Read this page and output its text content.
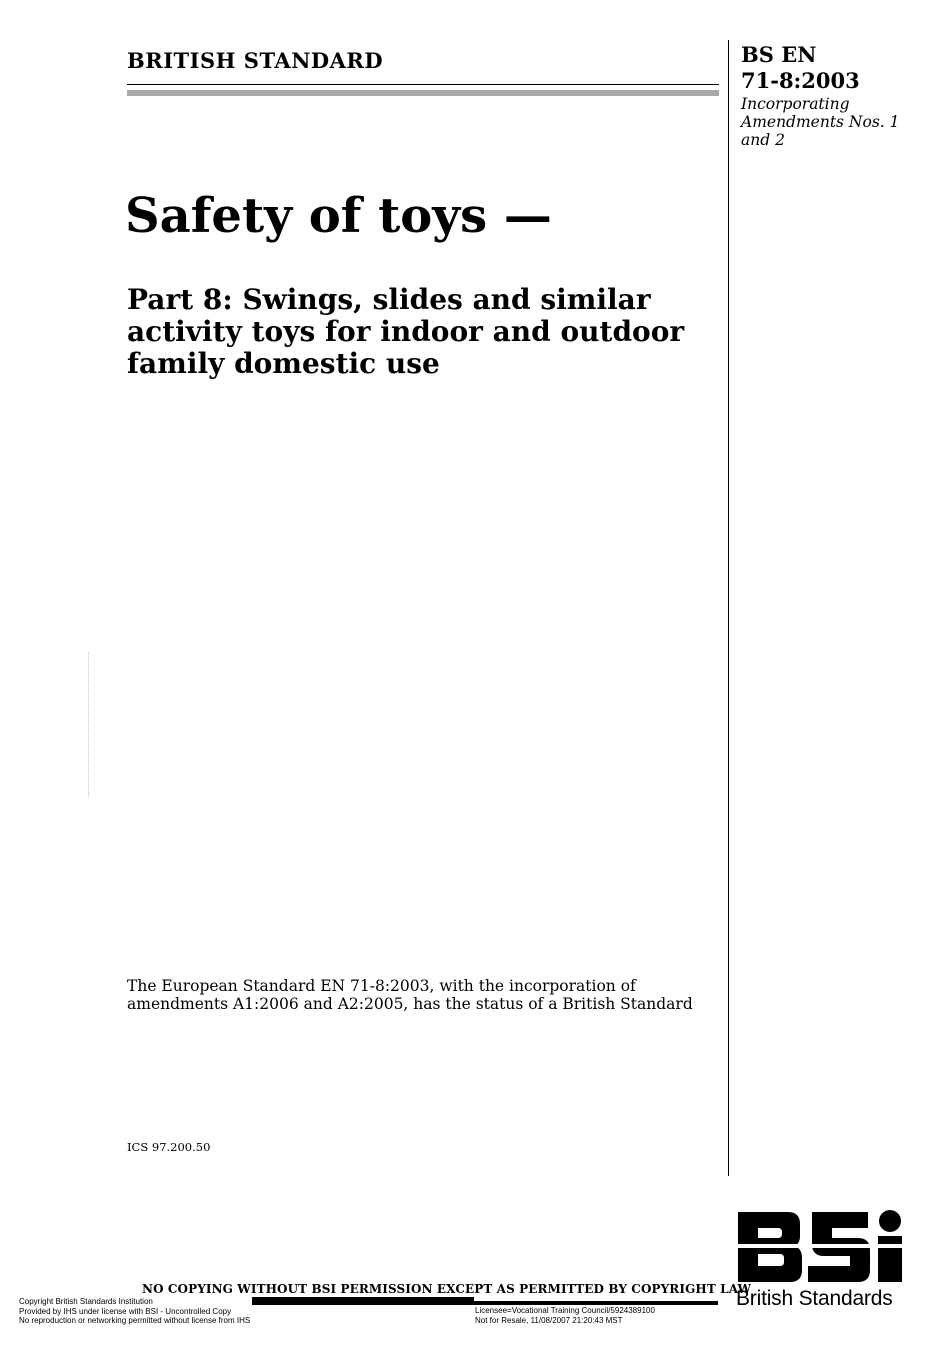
BRITISH STANDARD	BS EN
71-8:2003
Incorporating
Amendments Nos. 1
and 2
Safety of toys —
Part 8: Swings, slides and similar
activity toys for indoor and outdoor
family domestic use
The European Standard EN 71-8:2003, with the incorporation of
amendments A1:2006 and A2:2005, has the status of a British Standard
ICS 97.200.50
British Standards
NO COPYING WITHOUT BSI PERMISSION EXCEPT AS PERMITTED BY COPYRIGHT LAW
Copyright British Standards Institution
Provided by IHS under license with BSI - Uncontrolled Copy
No reproduction or networking permitted without license from IHS
Licensee=Vocational Training Council/5924389100
Not for Resale, 11/08/2007 21:20:43 MST
